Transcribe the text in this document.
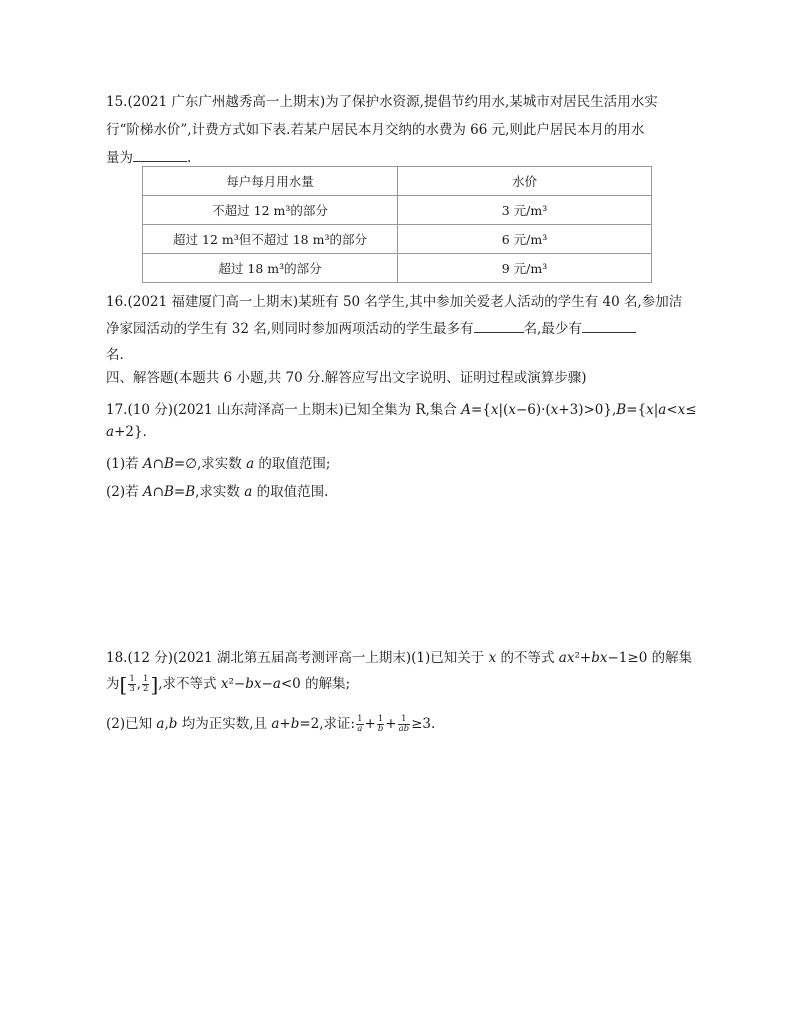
15.(2021 广东广州越秀高一上期末)为了保护水资源,提倡节约用水,某城市对居民生活用水实
行“阶梯水价”,计费方式如下表.若某户居民本月交纳的水费为 66 元,则此户居民本月的用水
量为	.
每户每月用水量	水价
不超过 12 m³的部分	3 元/m³
超过 12 m³但不超过 18 m³的部分	6 元/m³
超过 18 m³的部分	9 元/m³
16.(2021 福建厦门高一上期末)某班有 50 名学生,其中参加关爱老人活动的学生有 40 名,参加洁
净家园活动的学生有 32 名,则同时参加两项活动的学生最多有	名,最少有
名.
四、解答题(本题共 6 小题,共 70 分.解答应写出文字说明、证明过程或演算步骤)
17.(10 分)(2021 山东菏泽高一上期末)已知全集为 R,集合 A={x|(x−6)·(x+3)>0},B={x|a<x≤
a+2}.
(1)若 A∩B=∅,求实数 a 的取值范围;
(2)若 A∩B=B,求实数 a 的取值范围.
18.(12 分)(2021 湖北第五届高考测评高一上期末)(1)已知关于 x 的不等式 ax²+bx−1≥0 的解集
为[ $\frac{1}{3}$ , $\frac{1}{2}$ ],求不等式 x²−bx−a<0 的解集;
(2)已知 a,b 均为正实数,且 a+b=2,求证: $\frac{1}{a} + \frac{1}{b} + \frac{1}{ab} \ge 3$.
